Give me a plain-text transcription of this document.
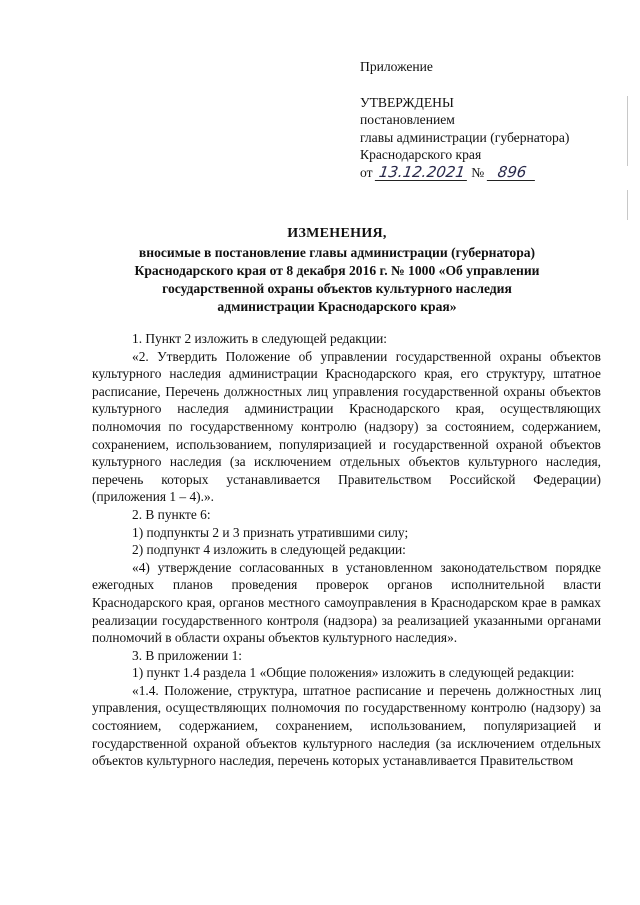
Приложение
УТВЕРЖДЕНЫ
постановлением
главы администрации (губернатора)
Краснодарского края
от 13.12.2021 № 896
ИЗМЕНЕНИЯ,
вносимые в постановление главы администрации (губернатора)
Краснодарского края от 8 декабря 2016 г. № 1000 «Об управлении
государственной охраны объектов культурного наследия
администрации Краснодарского края»

1. Пункт 2 изложить в следующей редакции:

«2. Утвердить Положение об управлении государственной охраны объектов культурного наследия администрации Краснодарского края, его структуру, штатное расписание, Перечень должностных лиц управления государственной охраны объектов культурного наследия администрации Краснодарского края, осуществляющих полномочия по государственному контролю (надзору) за состоянием, содержанием, сохранением, использованием, популяризацией и государственной охраной объектов культурного наследия (за исключением отдельных объектов культурного наследия, перечень которых устанавливается Правительством Российской Федерации) (приложения 1 – 4).».

2. В пункте 6:

1) подпункты 2 и 3 признать утратившими силу;

2) подпункт 4 изложить в следующей редакции:

«4) утверждение согласованных в установленном законодательством порядке ежегодных планов проведения проверок органов исполнительной власти Краснодарского края, органов местного самоуправления в Краснодарском крае в рамках реализации государственного контроля (надзора) за реализацией указанными органами полномочий в области охраны объектов культурного наследия».

3. В приложении 1:

1) пункт 1.4 раздела 1 «Общие положения» изложить в следующей редакции:

«1.4. Положение, структура, штатное расписание и перечень должностных лиц управления, осуществляющих полномочия по государственному контролю (надзору) за состоянием, содержанием, сохранением, использованием, популяризацией и государственной охраной объектов культурного наследия (за исключением отдельных объектов культурного наследия, перечень которых устанавливается Правительством
